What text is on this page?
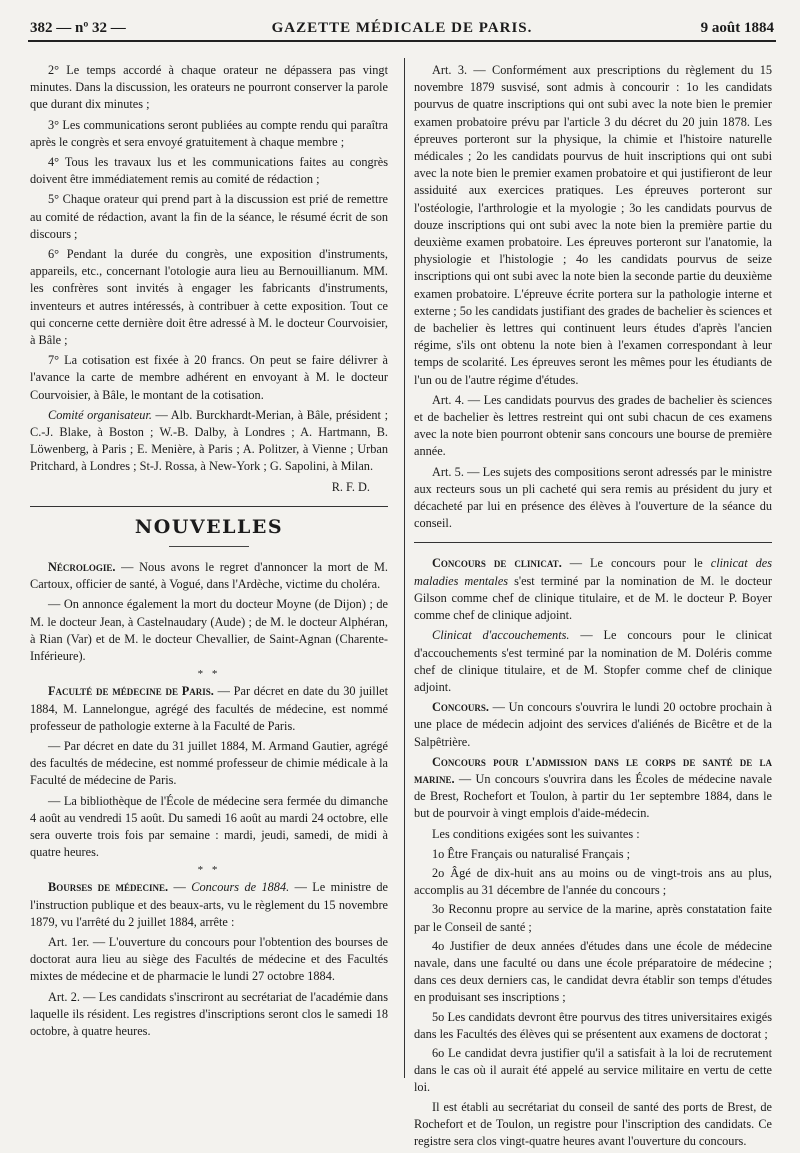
382 — nº 32 —	GAZETTE MÉDICALE DE PARIS.	9 août 1884

2° Le temps accordé à chaque orateur ne dépassera pas vingt minutes. Dans la discussion, les orateurs ne pourront conserver la parole que durant dix minutes ;

3° Les communications seront publiées au compte rendu qui paraîtra après le congrès et sera envoyé gratuitement à chaque membre ;

4° Tous les travaux lus et les communications faites au congrès doivent être immédiatement remis au comité de rédaction ;

5° Chaque orateur qui prend part à la discussion est prié de remettre au comité de rédaction, avant la fin de la séance, le résumé écrit de son discours ;

6° Pendant la durée du congrès, une exposition d'instruments, appareils, etc., concernant l'otologie aura lieu au Bernouillianum. MM. les confrères sont invités à engager les fabricants d'instruments, inventeurs et autres intéressés, à contribuer à cette exposition. Tout ce qui concerne cette dernière doit être adressé à M. le docteur Courvoisier, à Bâle ;

7° La cotisation est fixée à 20 francs. On peut se faire délivrer à l'avance la carte de membre adhérent en envoyant à M. le docteur Courvoisier, à Bâle, le montant de la cotisation.

Comité organisateur. — Alb. Burckhardt-Merian, à Bâle, président ; C.-J. Blake, à Boston ; W.-B. Dalby, à Londres ; A. Hartmann, B. Löwenberg, à Paris ; E. Menière, à Paris ; A. Politzer, à Vienne ; Urban Pritchard, à Londres ; St-J. Rossa, à New-York ; G. Sapolini, à Milan.

R. F. D.
NOUVELLES

Nécrologie. — Nous avons le regret d'annoncer la mort de M. Cartoux, officier de santé, à Vogué, dans l'Ardèche, victime du choléra.

— On annonce également la mort du docteur Moyne (de Dijon) ; de M. le docteur Jean, à Castelnaudary (Aude) ; de M. le docteur Alphéran, à Rian (Var) et de M. le docteur Chevallier, de Saint-Agnan (Charente-Inférieure).

* *

Faculté de médecine de Paris. — Par décret en date du 30 juillet 1884, M. Lannelongue, agrégé des facultés de médecine, est nommé professeur de pathologie externe à la Faculté de Paris.

— Par décret en date du 31 juillet 1884, M. Armand Gautier, agrégé des facultés de médecine, est nommé professeur de chimie médicale à la Faculté de médecine de Paris.

— La bibliothèque de l'École de médecine sera fermée du dimanche 4 août au vendredi 15 août. Du samedi 16 août au mardi 24 octobre, elle sera ouverte trois fois par semaine : mardi, jeudi, samedi, de midi à quatre heures.

* *

Bourses de médecine. — Concours de 1884. — Le ministre de l'instruction publique et des beaux-arts, vu le règlement du 15 novembre 1879, vu l'arrêté du 2 juillet 1884, arrête :

Art. 1er. — L'ouverture du concours pour l'obtention des bourses de doctorat aura lieu au siège des Facultés de médecine et des Facultés mixtes de médecine et de pharmacie le lundi 27 octobre 1884.

Art. 2. — Les candidats s'inscriront au secrétariat de l'académie dans laquelle ils résident. Les registres d'inscriptions seront clos le samedi 18 octobre, à quatre heures.

Art. 3. — Conformément aux prescriptions du règlement du 15 novembre 1879 susvisé, sont admis à concourir : 1o les candidats pourvus de quatre inscriptions qui ont subi avec la note bien le premier examen probatoire prévu par l'article 3 du décret du 20 juin 1878. Les épreuves porteront sur la physique, la chimie et l'histoire naturelle médicales ; 2o les candidats pourvus de huit inscriptions qui ont subi avec la note bien le premier examen probatoire et qui justifieront de leur assiduité aux exercices pratiques. Les épreuves porteront sur l'ostéologie, l'arthrologie et la myologie ; 3o les candidats pourvus de douze inscriptions qui ont subi avec la note bien la première partie du deuxième examen probatoire. Les épreuves porteront sur l'anatomie, la physiologie et l'histologie ; 4o les candidats pourvus de seize inscriptions qui ont subi avec la note bien la seconde partie du deuxième examen probatoire. L'épreuve écrite portera sur la pathologie interne et externe ; 5o les candidats justifiant des grades de bachelier ès sciences et de bachelier ès lettres qui continuent leurs études d'après l'ancien régime, s'ils ont obtenu la note bien à l'examen correspondant à leur temps de scolarité. Les épreuves seront les mêmes pour les étudiants de l'un ou de l'autre régime d'études.

Art. 4. — Les candidats pourvus des grades de bachelier ès sciences et de bachelier ès lettres restreint qui ont subi chacun de ces examens avec la note bien pourront obtenir sans concours une bourse de première année.

Art. 5. — Les sujets des compositions seront adressés par le ministre aux recteurs sous un pli cacheté qui sera remis au président du jury et décacheté par lui en présence des élèves à l'ouverture de la séance du conseil.

Concours de clinicat. — Le concours pour le clinicat des maladies mentales s'est terminé par la nomination de M. le docteur Gilson comme chef de clinique titulaire, et de M. le docteur P. Boyer comme chef de clinique adjoint.

Clinicat d'accouchements. — Le concours pour le clinicat d'accouchements s'est terminé par la nomination de M. Doléris comme chef de clinique titulaire, et de M. Stopfer comme chef de clinique adjoint.

Concours. — Un concours s'ouvrira le lundi 20 octobre prochain à une place de médecin adjoint des services d'aliénés de Bicêtre et de la Salpêtrière.

Concours pour l'admission dans le corps de santé de la marine. — Un concours s'ouvrira dans les Écoles de médecine navale de Brest, Rochefort et Toulon, à partir du 1er septembre 1884, dans le but de pourvoir à vingt emplois d'aide-médecin.

Les conditions exigées sont les suivantes :

1o Être Français ou naturalisé Français ;

2o Âgé de dix-huit ans au moins ou de vingt-trois ans au plus, accomplis au 31 décembre de l'année du concours ;

3o Reconnu propre au service de la marine, après constatation faite par le Conseil de santé ;

4o Justifier de deux années d'études dans une école de médecine navale, dans une faculté ou dans une école préparatoire de médecine ; dans ces deux derniers cas, le candidat devra établir son temps d'études en produisant ses inscriptions ;

5o Les candidats devront être pourvus des titres universitaires exigés dans les Facultés des élèves qui se présentent aux examens de doctorat ;

6o Le candidat devra justifier qu'il a satisfait à la loi de recrutement dans le cas où il aurait été appelé au service militaire en vertu de cette loi.

Il est établi au secrétariat du conseil de santé des ports de Brest, de Rochefort et de Toulon, un registre pour l'inscription des candidats. Ce registre sera clos vingt-quatre heures avant l'ouverture du concours.
